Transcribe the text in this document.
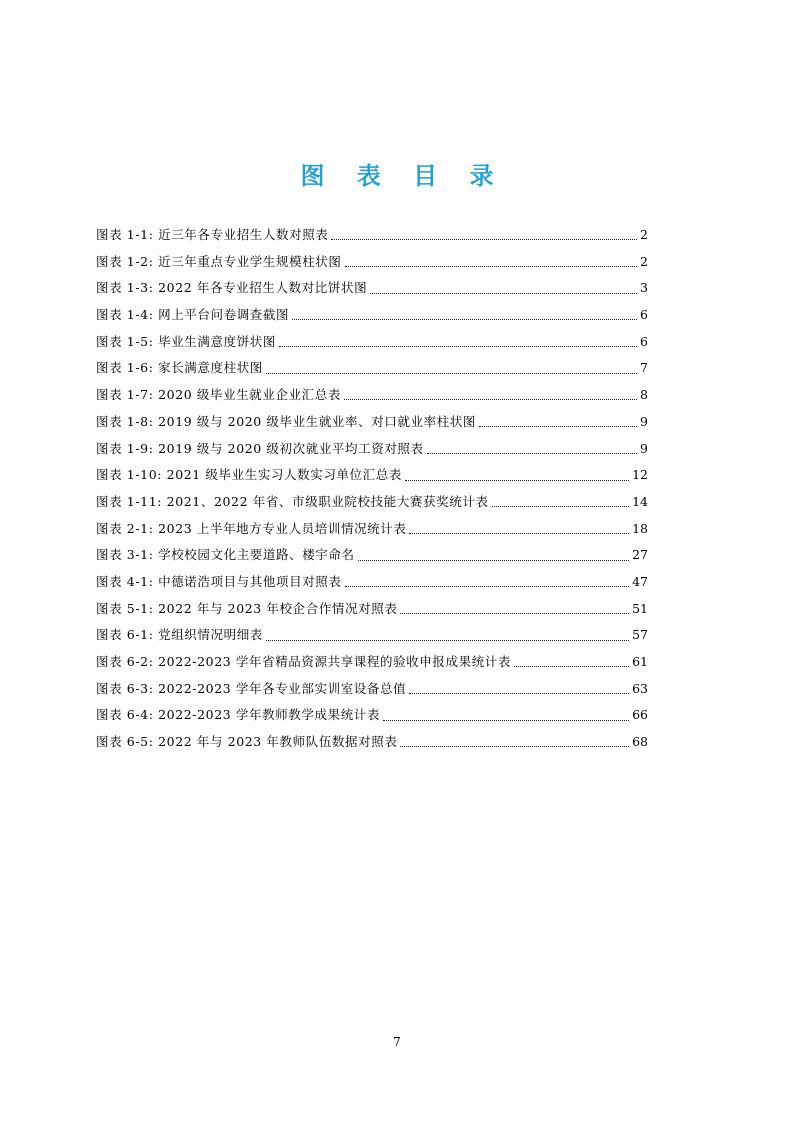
图 表 目 录
图表 1-1: 近三年各专业招生人数对照表	2
图表 1-2: 近三年重点专业学生规模柱状图	2
图表 1-3: 2022 年各专业招生人数对比饼状图	3
图表 1-4: 网上平台问卷调查截图	6
图表 1-5: 毕业生满意度饼状图	6
图表 1-6: 家长满意度柱状图	7
图表 1-7: 2020 级毕业生就业企业汇总表	8
图表 1-8: 2019 级与 2020 级毕业生就业率、对口就业率柱状图	9
图表 1-9: 2019 级与 2020 级初次就业平均工资对照表	9
图表 1-10: 2021 级毕业生实习人数实习单位汇总表	12
图表 1-11: 2021、2022 年省、市级职业院校技能大赛获奖统计表	14
图表 2-1: 2023 上半年地方专业人员培训情况统计表	18
图表 3-1: 学校校园文化主要道路、楼宇命名	27
图表 4-1: 中德诺浩项目与其他项目对照表	47
图表 5-1: 2022 年与 2023 年校企合作情况对照表	51
图表 6-1: 党组织情况明细表	57
图表 6-2: 2022-2023 学年省精品资源共享课程的验收申报成果统计表	61
图表 6-3: 2022-2023 学年各专业部实训室设备总值	63
图表 6-4: 2022-2023 学年教师教学成果统计表	66
图表 6-5: 2022 年与 2023 年教师队伍数据对照表	68
7
